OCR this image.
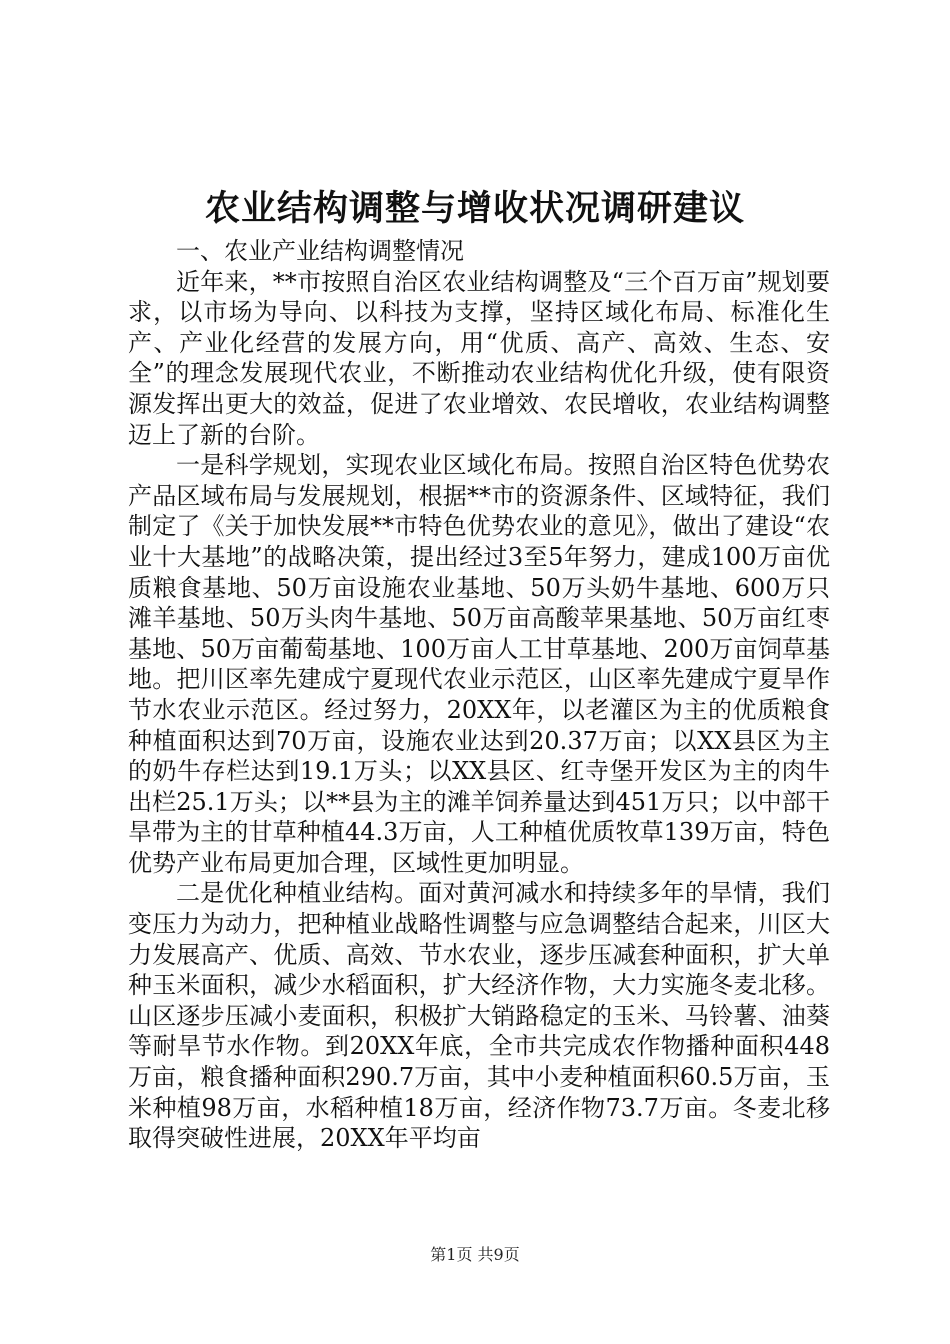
农业结构调整与增收状况调研建议

一、农业产业结构调整情况

近年来，**市按照自治区农业结构调整及“三个百万亩”规划要求，以市场为导向、以科技为支撑，坚持区域化布局、标准化生产、产业化经营的发展方向，用“优质、高产、高效、生态、安全”的理念发展现代农业，不断推动农业结构优化升级，使有限资源发挥出更大的效益，促进了农业增效、农民增收，农业结构调整迈上了新的台阶。

一是科学规划，实现农业区域化布局。按照自治区特色优势农产品区域布局与发展规划，根据**市的资源条件、区域特征，我们制定了《关于加快发展**市特色优势农业的意见》，做出了建设“农业十大基地”的战略决策，提出经过3至5年努力，建成100万亩优质粮食基地、50万亩设施农业基地、50万头奶牛基地、600万只滩羊基地、50万头肉牛基地、50万亩高酸苹果基地、50万亩红枣基地、50万亩葡萄基地、100万亩人工甘草基地、200万亩饲草基地。把川区率先建成宁夏现代农业示范区，山区率先建成宁夏旱作节水农业示范区。经过努力，20XX年，以老灌区为主的优质粮食种植面积达到70万亩，设施农业达到20.37万亩；以XX县区为主的奶牛存栏达到19.1万头；以XX县区、红寺堡开发区为主的肉牛出栏25.1万头；以**县为主的滩羊饲养量达到451万只；以中部干旱带为主的甘草种植44.3万亩，人工种植优质牧草139万亩，特色优势产业布局更加合理，区域性更加明显。

二是优化种植业结构。面对黄河减水和持续多年的旱情，我们变压力为动力，把种植业战略性调整与应急调整结合起来，川区大力发展高产、优质、高效、节水农业，逐步压减套种面积，扩大单种玉米面积，减少水稻面积，扩大经济作物，大力实施冬麦北移。山区逐步压减小麦面积，积极扩大销路稳定的玉米、马铃薯、油葵等耐旱节水作物。到20XX年底，全市共完成农作物播种面积448万亩，粮食播种面积290.7万亩，其中小麦种植面积60.5万亩，玉米种植98万亩，水稻种植18万亩，经济作物73.7万亩。冬麦北移取得突破性进展，20XX年平均亩

第1页 共9页
